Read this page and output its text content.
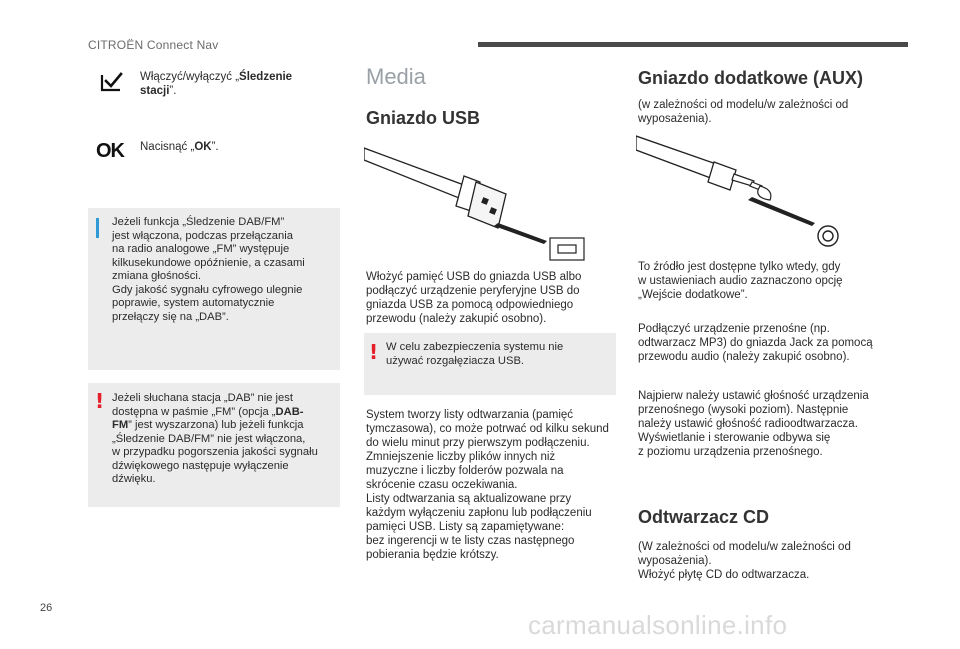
CITROËN Connect Nav
Włączyć/wyłączyć „Śledzenie stacji”.
OK Nacisnąć „OK”.
Jeżeli funkcja „Śledzenie DAB/FM”
jest włączona, podczas przełączania
na radio analogowe „FM” występuje
kilkusekundowe opóźnienie, a czasami
zmiana głośności.
Gdy jakość sygnału cyfrowego ulegnie
poprawie, system automatycznie
przełączy się na „DAB”.
! Jeżeli słuchana stacja „DAB” nie jest
dostępna w paśmie „FM” (opcja „DAB-
FM” jest wyszarzona) lub jeżeli funkcja
„Śledzenie DAB/FM” nie jest włączona,
w przypadku pogorszenia jakości sygnału
dźwiękowego następuje wyłączenie
dźwięku.
Media
Gniazdo USB
Włożyć pamięć USB do gniazda USB albo
podłączyć urządzenie peryferyjne USB do
gniazda USB za pomocą odpowiedniego
przewodu (należy zakupić osobno).
! W celu zabezpieczenia systemu nie
używać rozgałęziacza USB.
System tworzy listy odtwarzania (pamięć
tymczasowa), co może potrwać od kilku sekund
do wielu minut przy pierwszym podłączeniu.
Zmniejszenie liczby plików innych niż
muzyczne i liczby folderów pozwala na
skrócenie czasu oczekiwania.
Listy odtwarzania są aktualizowane przy
każdym wyłączeniu zapłonu lub podłączeniu
pamięci USB. Listy są zapamiętywane:
bez ingerencji w te listy czas następnego
pobierania będzie krótszy.
Gniazdo dodatkowe (AUX)
(w zależności od modelu/w zależności od
wyposażenia).
To źródło jest dostępne tylko wtedy, gdy
w ustawieniach audio zaznaczono opcję
„Wejście dodatkowe”.
Podłączyć urządzenie przenośne (np.
odtwarzacz MP3) do gniazda Jack za pomocą
przewodu audio (należy zakupić osobno).
Najpierw należy ustawić głośność urządzenia
przenośnego (wysoki poziom). Następnie
należy ustawić głośność radioodtwarzacza.
Wyświetlanie i sterowanie odbywa się
z poziomu urządzenia przenośnego.
Odtwarzacz CD
(W zależności od modelu/w zależności od
wyposażenia).
Włożyć płytę CD do odtwarzacza.
26
carmanualsonline.info
